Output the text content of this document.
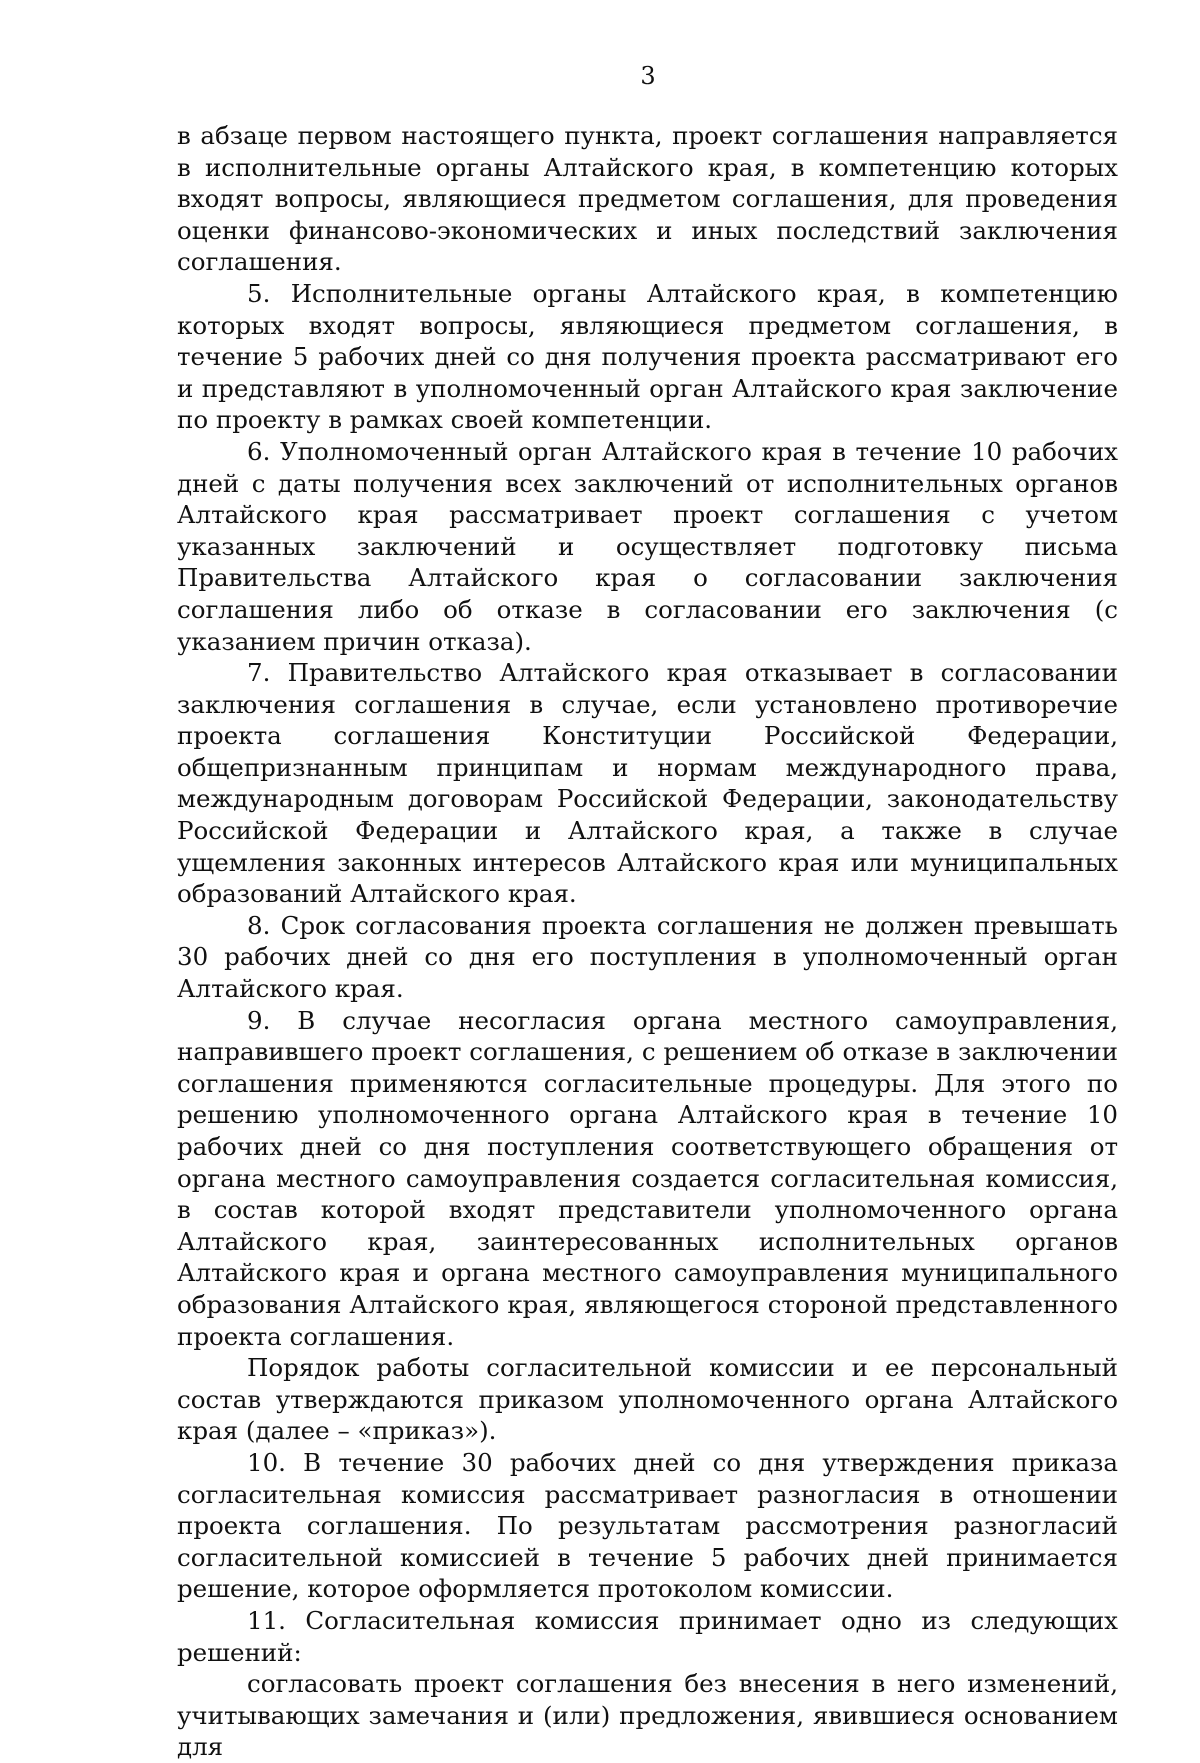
3

в абзаце первом настоящего пункта, проект соглашения направляется в исполнительные органы Алтайского края, в компетенцию которых входят вопросы, являющиеся предметом соглашения, для проведения оценки финансово-экономических и иных последствий заключения соглашения.

5. Исполнительные органы Алтайского края, в компетенцию которых входят вопросы, являющиеся предметом соглашения, в течение 5 рабочих дней со дня получения проекта рассматривают его и представляют в уполномоченный орган Алтайского края заключение по проекту в рамках своей компетенции.

6. Уполномоченный орган Алтайского края в течение 10 рабочих дней с даты получения всех заключений от исполнительных органов Алтайского края рассматривает проект соглашения с учетом указанных заключений и осуществляет подготовку письма Правительства Алтайского края о согласовании заключения соглашения либо об отказе в согласовании его заключения (с указанием причин отказа).

7. Правительство Алтайского края отказывает в согласовании заключения соглашения в случае, если установлено противоречие проекта соглашения Конституции Российской Федерации, общепризнанным принципам и нормам международного права, международным договорам Российской Федерации, законодательству Российской Федерации и Алтайского края, а также в случае ущемления законных интересов Алтайского края или муниципальных образований Алтайского края.

8. Срок согласования проекта соглашения не должен превышать 30 рабочих дней со дня его поступления в уполномоченный орган Алтайского края.

9. В случае несогласия органа местного самоуправления, направившего проект соглашения, с решением об отказе в заключении соглашения применяются согласительные процедуры. Для этого по решению уполномоченного органа Алтайского края в течение 10 рабочих дней со дня поступления соответствующего обращения от органа местного самоуправления создается согласительная комиссия, в состав которой входят представители уполномоченного органа Алтайского края, заинтересованных исполнительных органов Алтайского края и органа местного самоуправления муниципального образования Алтайского края, являющегося стороной представленного проекта соглашения.

Порядок работы согласительной комиссии и ее персональный состав утверждаются приказом уполномоченного органа Алтайского края (далее – «приказ»).

10. В течение 30 рабочих дней со дня утверждения приказа согласительная комиссия рассматривает разногласия в отношении проекта соглашения. По результатам рассмотрения разногласий согласительной комиссией в течение 5 рабочих дней принимается решение, которое оформляется протоколом комиссии.

11. Согласительная комиссия принимает одно из следующих решений:

согласовать проект соглашения без внесения в него изменений, учитывающих замечания и (или) предложения, явившиеся основанием для
